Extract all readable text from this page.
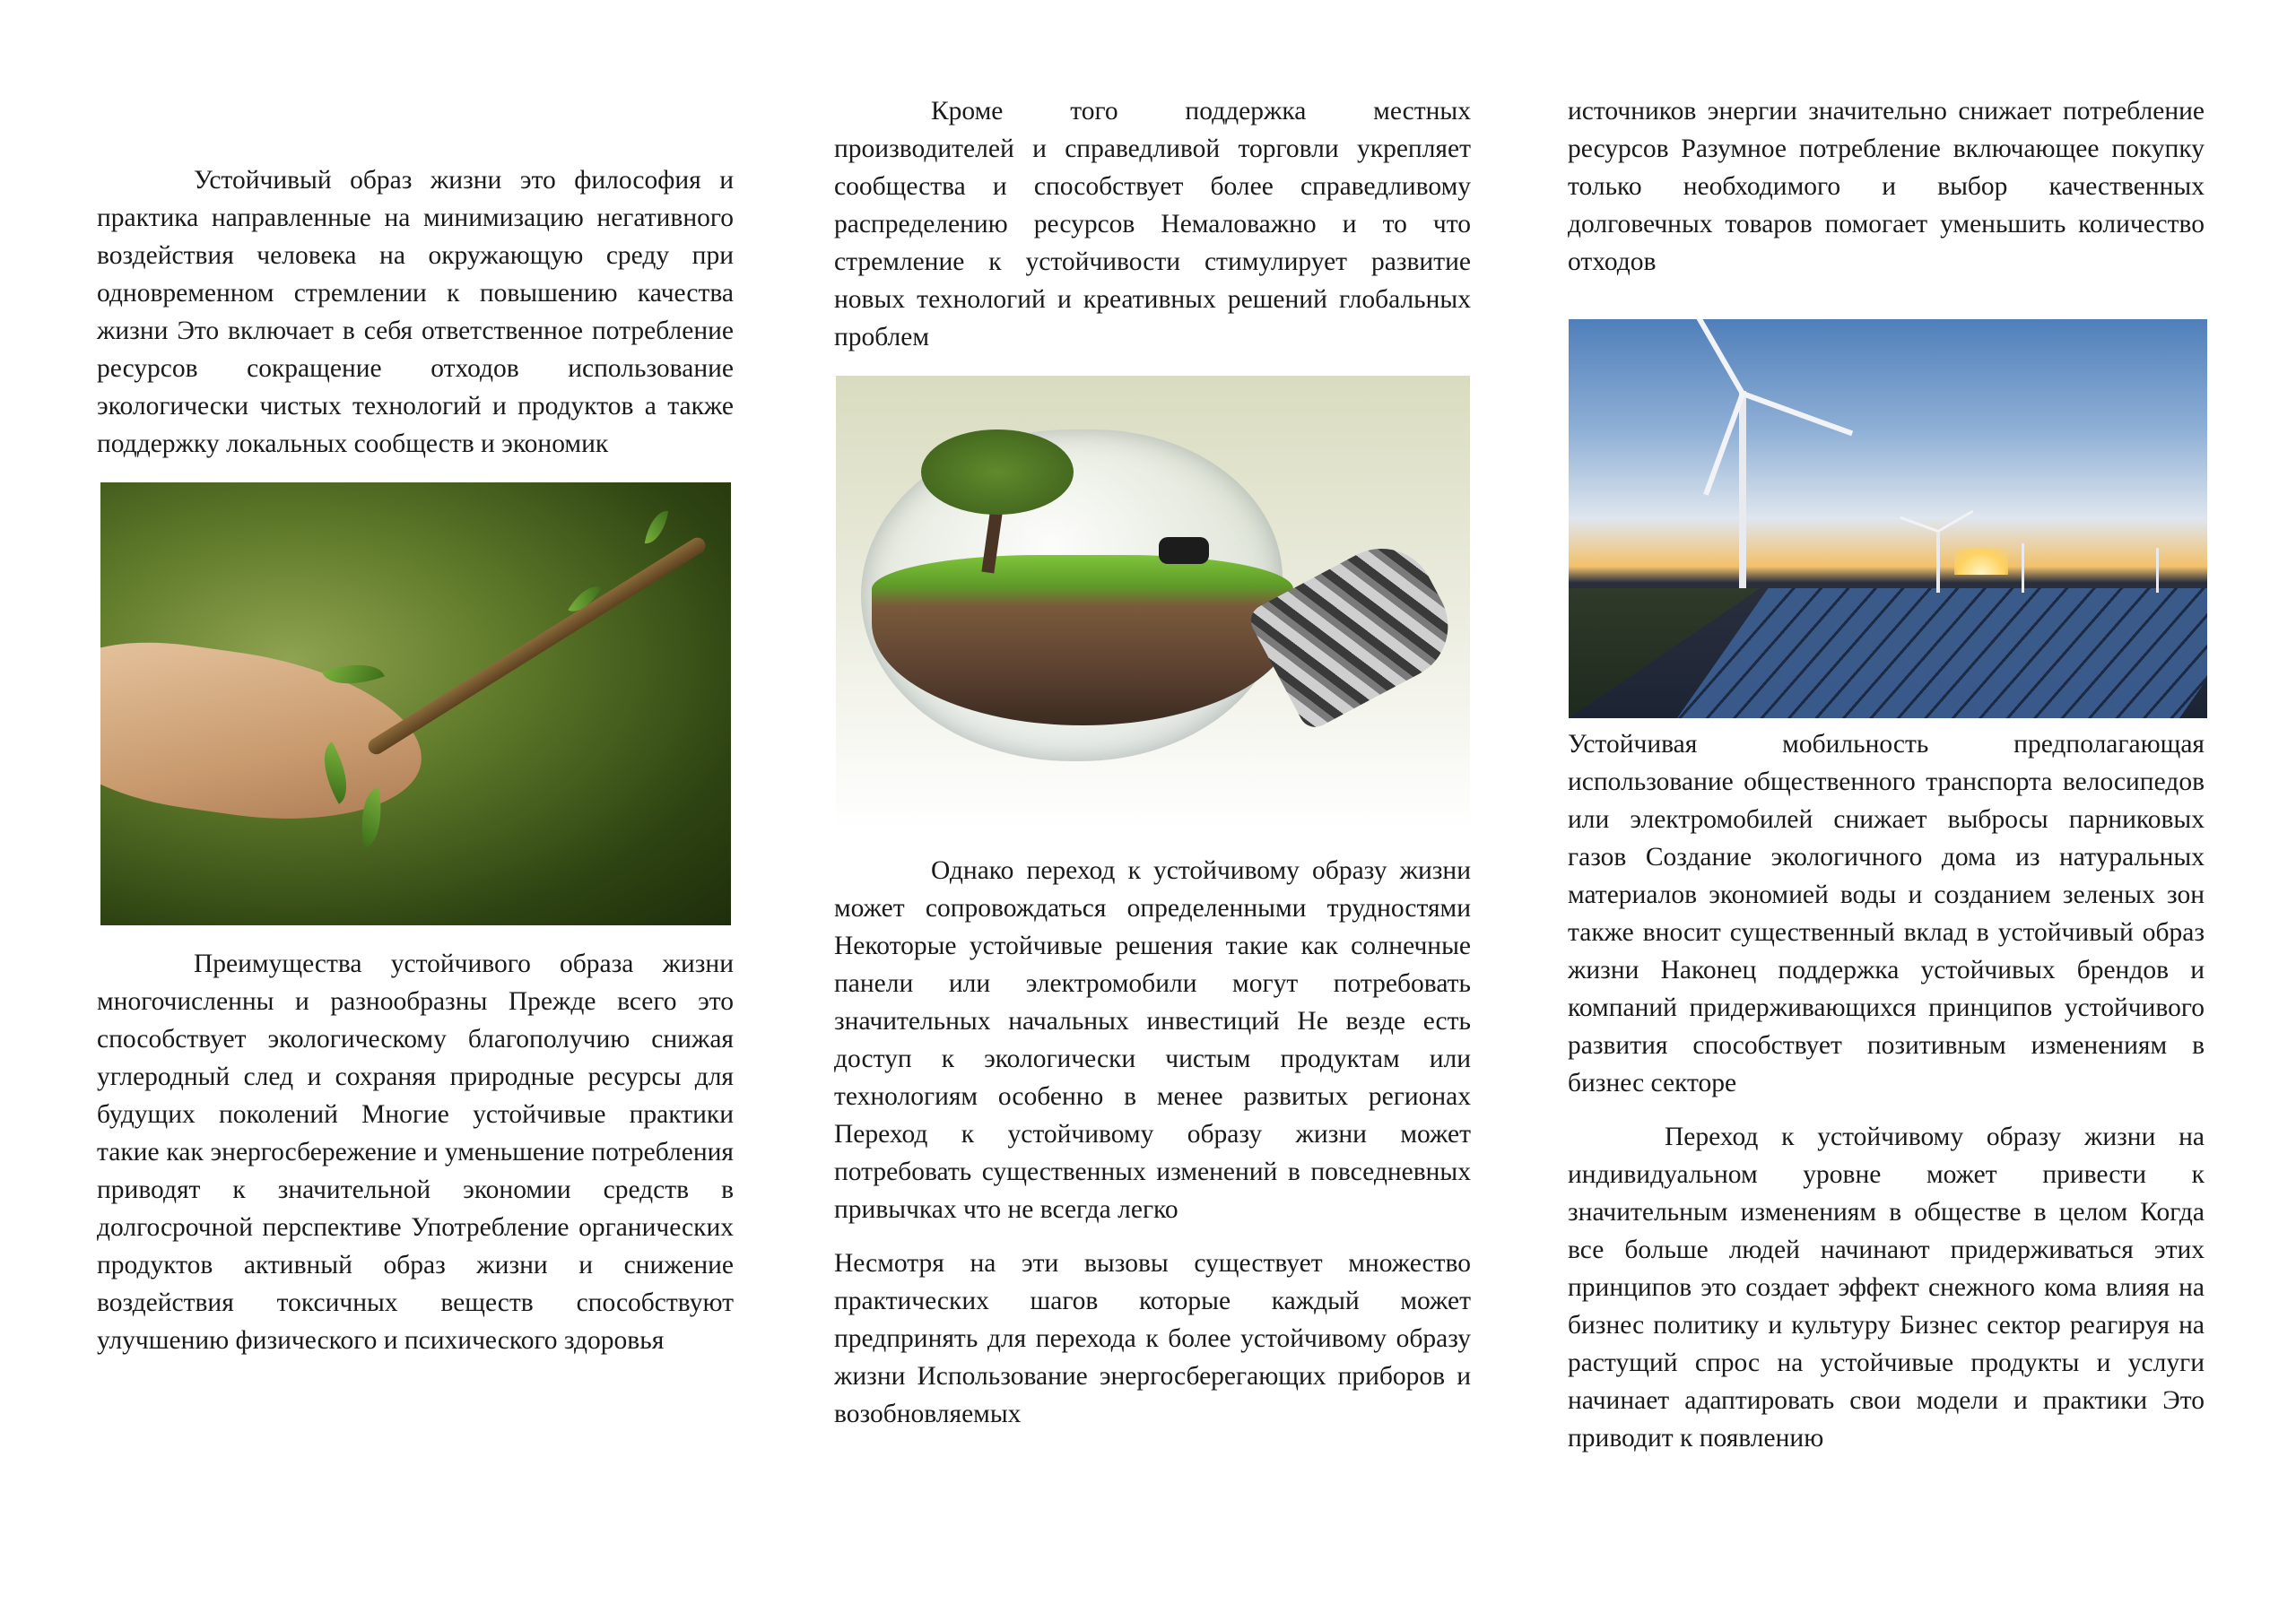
Устойчивый образ жизни это философия и практика направленные на минимизацию негативного воздействия человека на окружающую среду при одновременном стремлении к повышению качества жизни Это включает в себя ответственное потребление ресурсов сокращение отходов использование экологически чистых технологий и продуктов а также поддержку локальных сообществ и экономик

Преимущества устойчивого образа жизни многочисленны и разнообразны Прежде всего это способствует экологическому благополучию снижая углеродный след и сохраняя природные ресурсы для будущих поколений Многие устойчивые практики такие как энергосбережение и уменьшение потребления приводят к значительной экономии средств в долгосрочной перспективе Употребление органических продуктов активный образ жизни и снижение воздействия токсичных веществ способствуют улучшению физического и психического здоровья

Кроме того поддержка местных производителей и справедливой торговли укрепляет сообщества и способствует более справедливому распределению ресурсов Немаловажно и то что стремление к устойчивости стимулирует развитие новых технологий и креативных решений глобальных проблем

Однако переход к устойчивому образу жизни может сопровождаться определенными трудностями Некоторые устойчивые решения такие как солнечные панели или электромобили могут потребовать значительных начальных инвестиций Не везде есть доступ к экологически чистым продуктам или технологиям особенно в менее развитых регионах Переход к устойчивому образу жизни может потребовать существенных изменений в повседневных привычках что не всегда легко

Несмотря на эти вызовы существует множество практических шагов которые каждый может предпринять для перехода к более устойчивому образу жизни Использование энергосберегающих приборов и возобновляемых

источников энергии значительно снижает потребление ресурсов Разумное потребление включающее покупку только необходимого и выбор качественных долговечных товаров помогает уменьшить количество отходов

Устойчивая мобильность предполагающая использование общественного транспорта велосипедов или электромобилей снижает выбросы парниковых газов Создание экологичного дома из натуральных материалов экономией воды и созданием зеленых зон также вносит существенный вклад в устойчивый образ жизни Наконец поддержка устойчивых брендов и компаний придерживающихся принципов устойчивого развития способствует позитивным изменениям в бизнес секторе

Переход к устойчивому образу жизни на индивидуальном уровне может привести к значительным изменениям в обществе в целом Когда все больше людей начинают придерживаться этих принципов это создает эффект снежного кома влияя на бизнес политику и культуру Бизнес сектор реагируя на растущий спрос на устойчивые продукты и услуги начинает адаптировать свои модели и практики Это приводит к появлению
